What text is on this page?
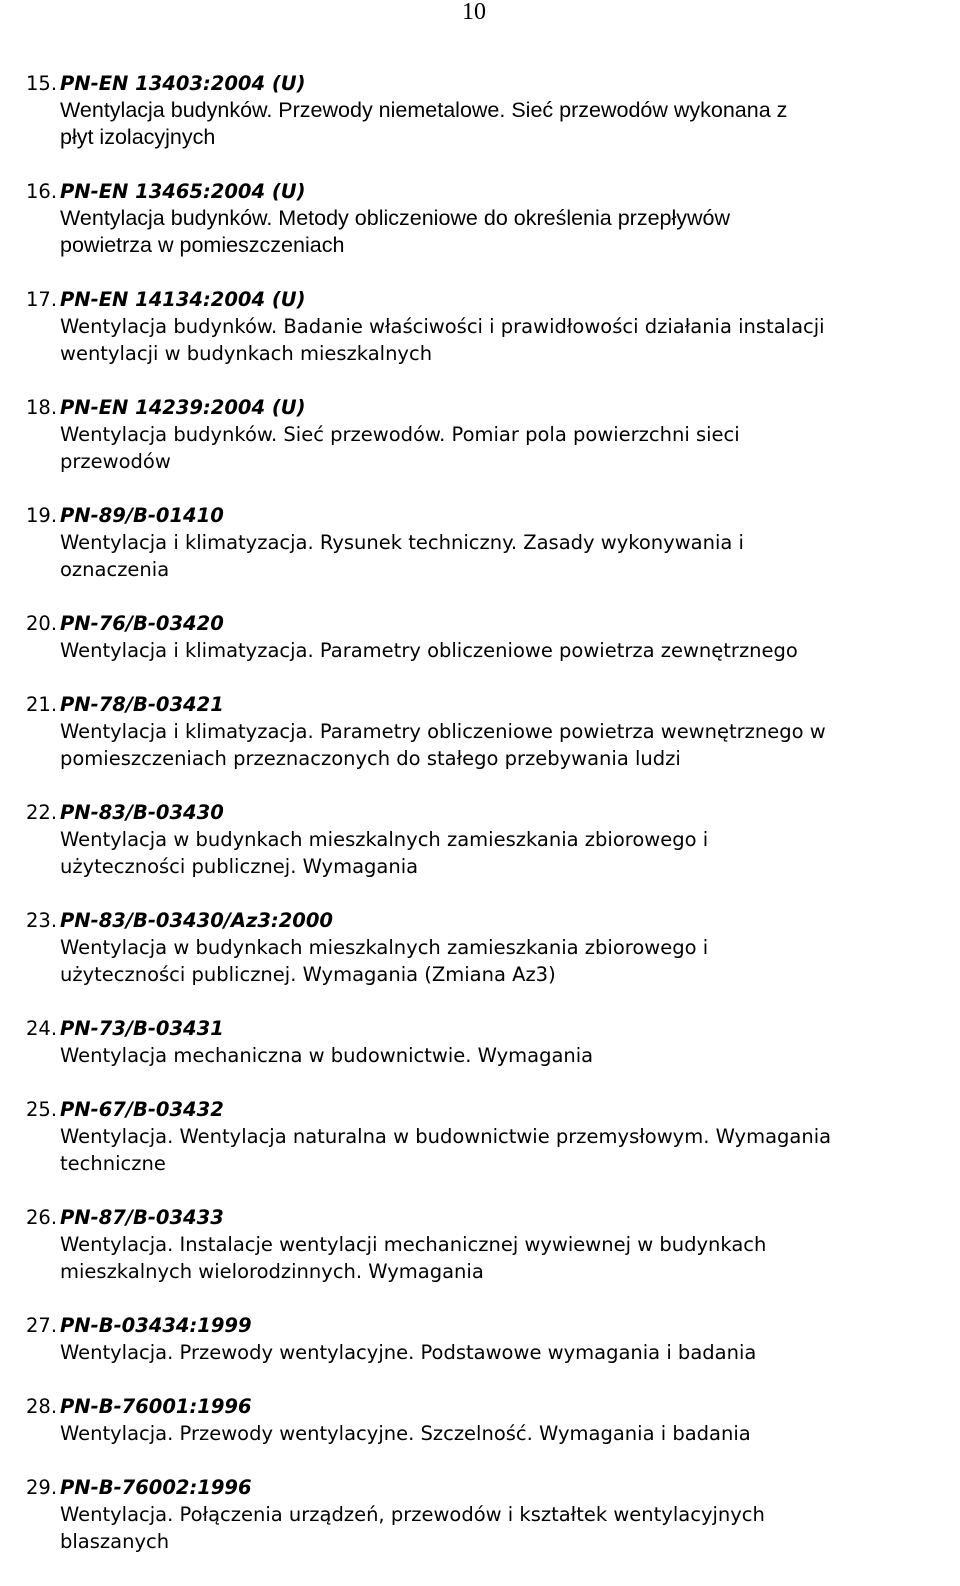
10
15. PN-EN 13403:2004 (U)
Wentylacja budynków. Przewody niemetalowe. Sieć przewodów wykonana z
płyt izolacyjnych
16. PN-EN 13465:2004 (U)
Wentylacja budynków. Metody obliczeniowe do określenia przepływów
powietrza w pomieszczeniach
17. PN-EN 14134:2004 (U)
Wentylacja budynków. Badanie właściwości i prawidłowości działania instalacji
wentylacji w budynkach mieszkalnych
18. PN-EN 14239:2004 (U)
Wentylacja budynków. Sieć przewodów. Pomiar pola powierzchni sieci
przewodów
19. PN-89/B-01410
Wentylacja i klimatyzacja. Rysunek techniczny. Zasady wykonywania i
oznaczenia
20. PN-76/B-03420
Wentylacja i klimatyzacja. Parametry obliczeniowe powietrza zewnętrznego
21. PN-78/B-03421
Wentylacja i klimatyzacja. Parametry obliczeniowe powietrza wewnętrznego w
pomieszczeniach przeznaczonych do stałego przebywania ludzi
22. PN-83/B-03430
Wentylacja w budynkach mieszkalnych zamieszkania zbiorowego i
użyteczności publicznej. Wymagania
23. PN-83/B-03430/Az3:2000
Wentylacja w budynkach mieszkalnych zamieszkania zbiorowego i
użyteczności publicznej. Wymagania (Zmiana Az3)
24. PN-73/B-03431
Wentylacja mechaniczna w budownictwie. Wymagania
25. PN-67/B-03432
Wentylacja. Wentylacja naturalna w budownictwie przemysłowym. Wymagania
techniczne
26. PN-87/B-03433
Wentylacja. Instalacje wentylacji mechanicznej wywiewnej w budynkach
mieszkalnych wielorodzinnych. Wymagania
27. PN-B-03434:1999
Wentylacja. Przewody wentylacyjne. Podstawowe wymagania i badania
28. PN-B-76001:1996
Wentylacja. Przewody wentylacyjne. Szczelność. Wymagania i badania
29. PN-B-76002:1996
Wentylacja. Połączenia urządzeń, przewodów i kształtek wentylacyjnych
blaszanych
